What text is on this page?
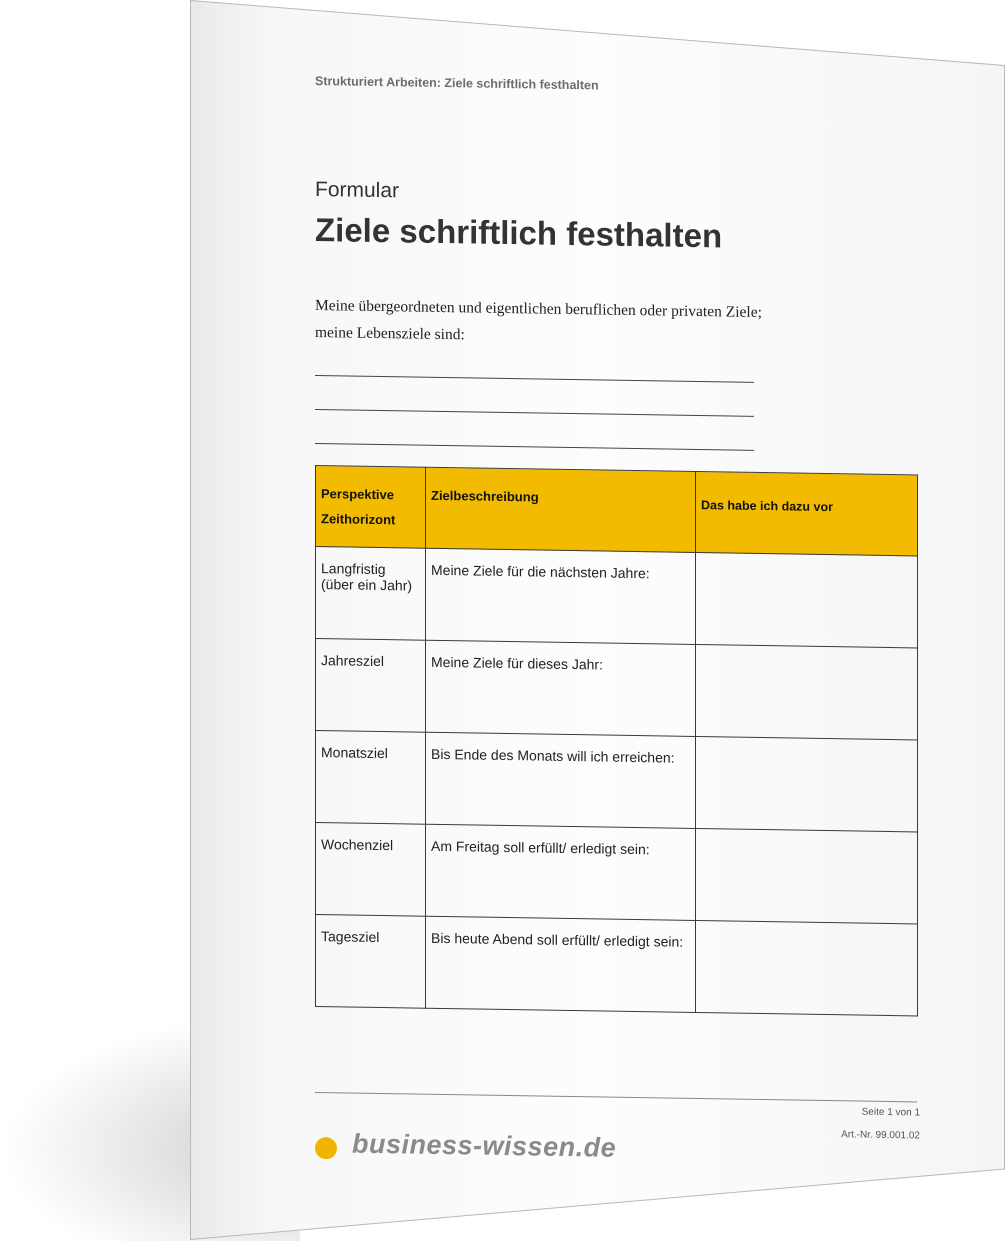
Strukturiert Arbeiten: Ziele schriftlich festhalten
Formular
Ziele schriftlich festhalten
Meine übergeordneten und eigentlichen beruflichen oder privaten Ziele;
meine Lebensziele sind:
Perspektive
Zeithorizont	Zielbeschreibung	Das habe ich dazu vor

Langfristig (über ein Jahr)	Meine Ziele für die nächsten Jahre:	

Jahresziel	Meine Ziele für dieses Jahr:	

Monatsziel	Bis Ende des Monats will ich erreichen:	

Wochenziel	Am Freitag soll erfüllt/ erledigt sein:	

Tagesziel	Bis heute Abend soll erfüllt/ erledigt sein:	

Seite 1 von 1
Art.-Nr. 99.001.02
business-wissen.de
